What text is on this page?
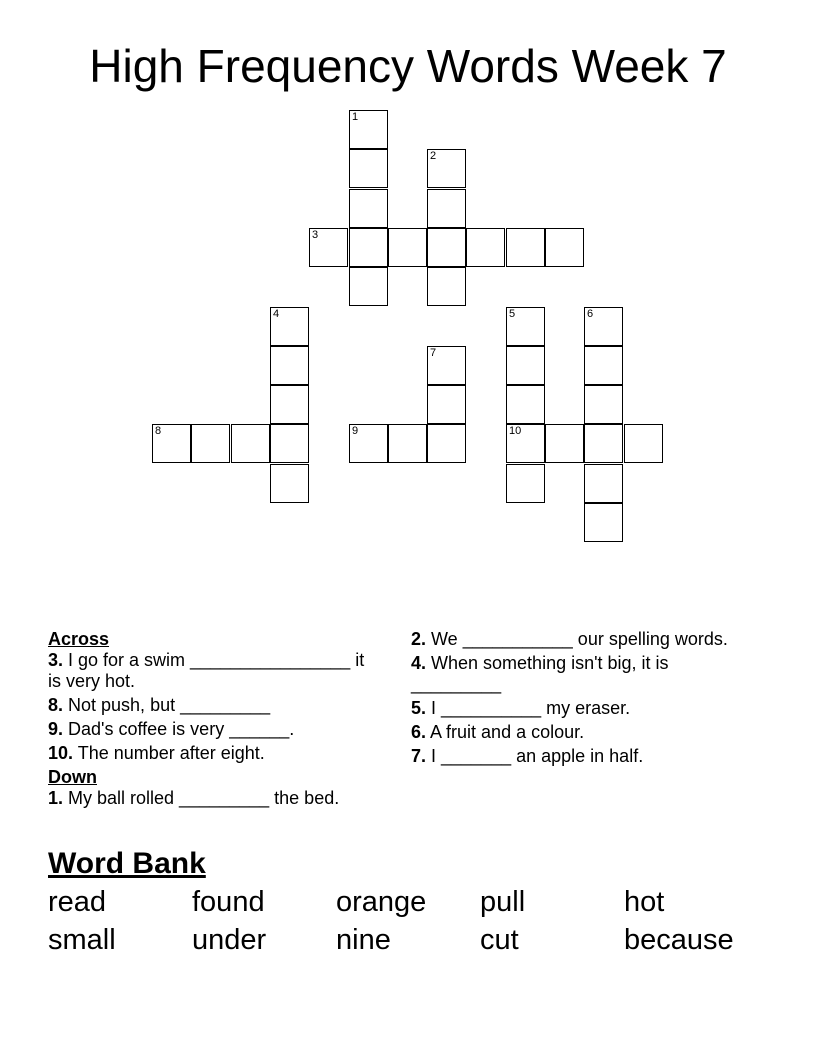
High Frequency Words Week 7
1
2
3
4
8	9
7
5
10
6
Across
3. I go for a swim ________________ it is very hot.
8. Not push, but _________
9. Dad's coffee is very ______.
10. The number after eight.
Down
1. My ball rolled _________ the bed.
2. We ___________ our spelling words.
4. When something isn't big, it is _________
5. I __________ my eraser.
6. A fruit and a colour.
7. I _______ an apple in half.
Word Bank
read	found orange pull	hot
small	under nine	cut	because
